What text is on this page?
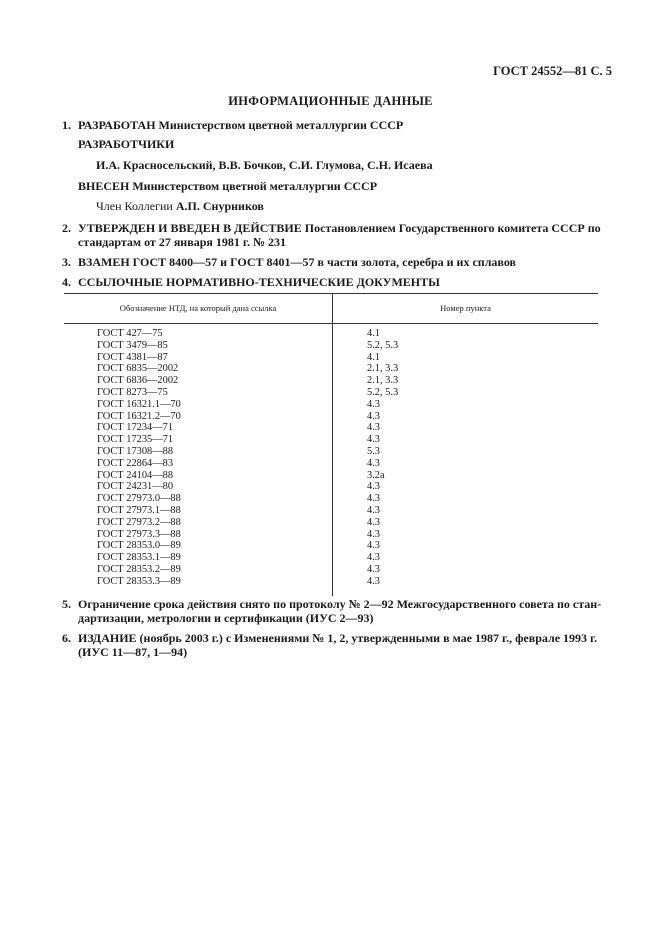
ГОСТ 24552—81 С. 5
ИНФОРМАЦИОННЫЕ ДАННЫЕ
1. РАЗРАБОТАН Министерством цветной металлургии СССР
РАЗРАБОТЧИКИ
И.А. Красносельский, В.В. Бочков, С.И. Глумова, С.Н. Исаева
ВНЕСЕН Министерством цветной металлургии СССР
Член Коллегии А.П. Снурников
2. УТВЕРЖДЕН И ВВЕДЕН В ДЕЙСТВИЕ Постановлением Государственного комитета СССР по
стандартам от 27 января 1981 г. № 231
3. ВЗАМЕН ГОСТ 8400—57 и ГОСТ 8401—57 в части золота, серебра и их сплавов
4. ССЫЛОЧНЫЕ НОРМАТИВНО-ТЕХНИЧЕСКИЕ ДОКУМЕНТЫ
Обозначение НТД, на который дана ссылка	Номер пункта
ГОСТ 427—75	4.1
ГОСТ 3479—85	5.2, 5.3
ГОСТ 4381—87	4.1
ГОСТ 6835—2002	2.1, 3.3
ГОСТ 6836—2002	2.1, 3.3
ГОСТ 8273—75	5.2, 5.3
ГОСТ 16321.1—70	4.3
ГОСТ 16321.2—70	4.3
ГОСТ 17234—71	4.3
ГОСТ 17235—71	4.3
ГОСТ 17308—88	5.3
ГОСТ 22864—83	4.3
ГОСТ 24104—88	3.2а
ГОСТ 24231—80	4.3
ГОСТ 27973.0—88	4.3
ГОСТ 27973.1—88	4.3
ГОСТ 27973.2—88	4.3
ГОСТ 27973.3—88	4.3
ГОСТ 28353.0—89	4.3
ГОСТ 28353.1—89	4.3
ГОСТ 28353.2—89	4.3
ГОСТ 28353.3—89	4.3

5. Ограничение срока действия снято по протоколу № 2—92 Межгосударственного совета по стан-
дартизации, метрологии и сертификации (ИУС 2—93)
6. ИЗДАНИЕ (ноябрь 2003 г.) с Изменениями № 1, 2, утвержденными в мае 1987 г., феврале 1993 г.
(ИУС 11—87, 1—94)
